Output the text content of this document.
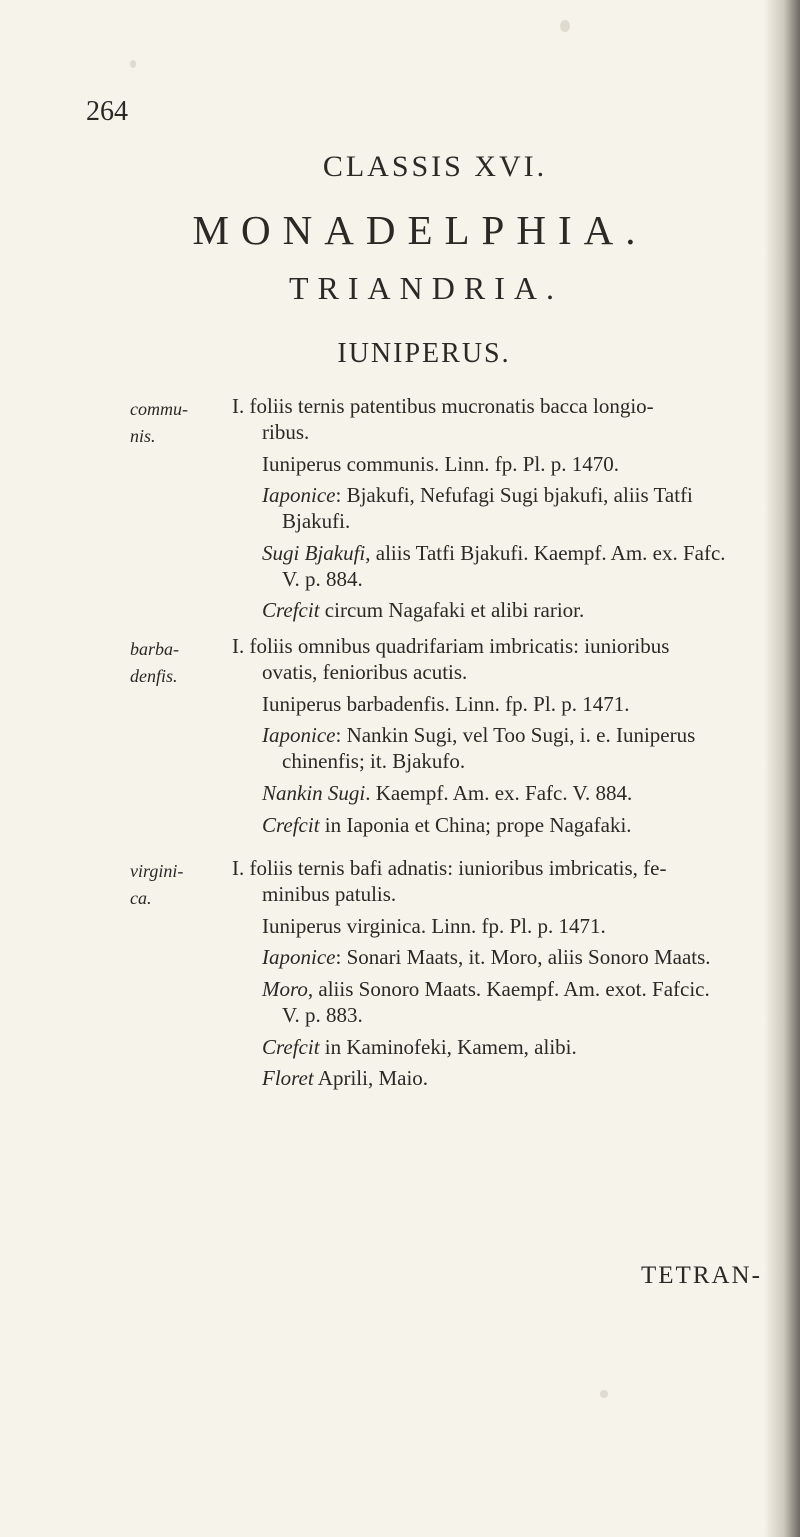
264
CLASSIS XVI.
MONADELPHIA.
TRIANDRIA.
IUNIPERUS.
commu-
nis.
I. foliis ternis patentibus mucronatis bacca longio-
ribus.
Iuniperus communis. Linn. fp. Pl. p. 1470.
Iaponice: Bjakufi, Nefufagi Sugi bjakufi, aliis Tatfi
Bjakufi.
Sugi Bjakufi, aliis Tatfi Bjakufi. Kaempf. Am. ex. Fafc.
V. p. 884.
Crefcit circum Nagafaki et alibi rarior.
barba-
denfis.
I. foliis omnibus quadrifariam imbricatis: iunioribus
ovatis, fenioribus acutis.
Iuniperus barbadenfis. Linn. fp. Pl. p. 1471.
Iaponice: Nankin Sugi, vel Too Sugi, i. e. Iuniperus
chinenfis; it. Bjakufo.
Nankin Sugi. Kaempf. Am. ex. Fafc. V. 884.
Crefcit in Iaponia et China; prope Nagafaki.
virgini-
ca.
I. foliis ternis bafi adnatis: iunioribus imbricatis, fe-
minibus patulis.
Iuniperus virginica. Linn. fp. Pl. p. 1471.
Iaponice: Sonari Maats, it. Moro, aliis Sonoro Maats.
Moro, aliis Sonoro Maats. Kaempf. Am. exot. Fafcic.
V. p. 883.
Crefcit in Kaminofeki, Kamem, alibi.
Floret Aprili, Maio.
TETRAN-
